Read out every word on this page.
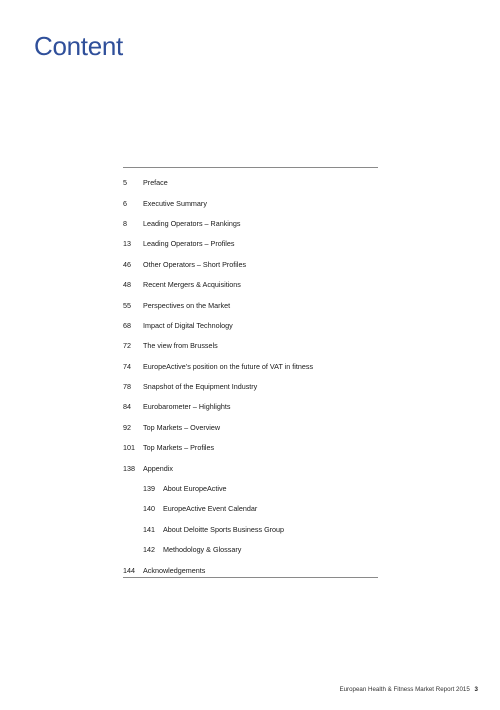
Content
5	Preface
6	Executive Summary
8	Leading Operators – Rankings
13	Leading Operators – Profiles
46	Other Operators – Short Profiles
48	Recent Mergers & Acquisitions
55	Perspectives on the Market
68	Impact of Digital Technology
72	The view from Brussels
74	EuropeActive’s position on the future of VAT in fitness
78	Snapshot of the Equipment Industry
84	Eurobarometer – Highlights
92	Top Markets – Overview
101	Top Markets – Profiles
138	Appendix
139	About EuropeActive
140	EuropeActive Event Calendar
141	About Deloitte Sports Business Group
142	Methodology & Glossary
144	Acknowledgements
European Health & Fitness Market Report 2015 3
